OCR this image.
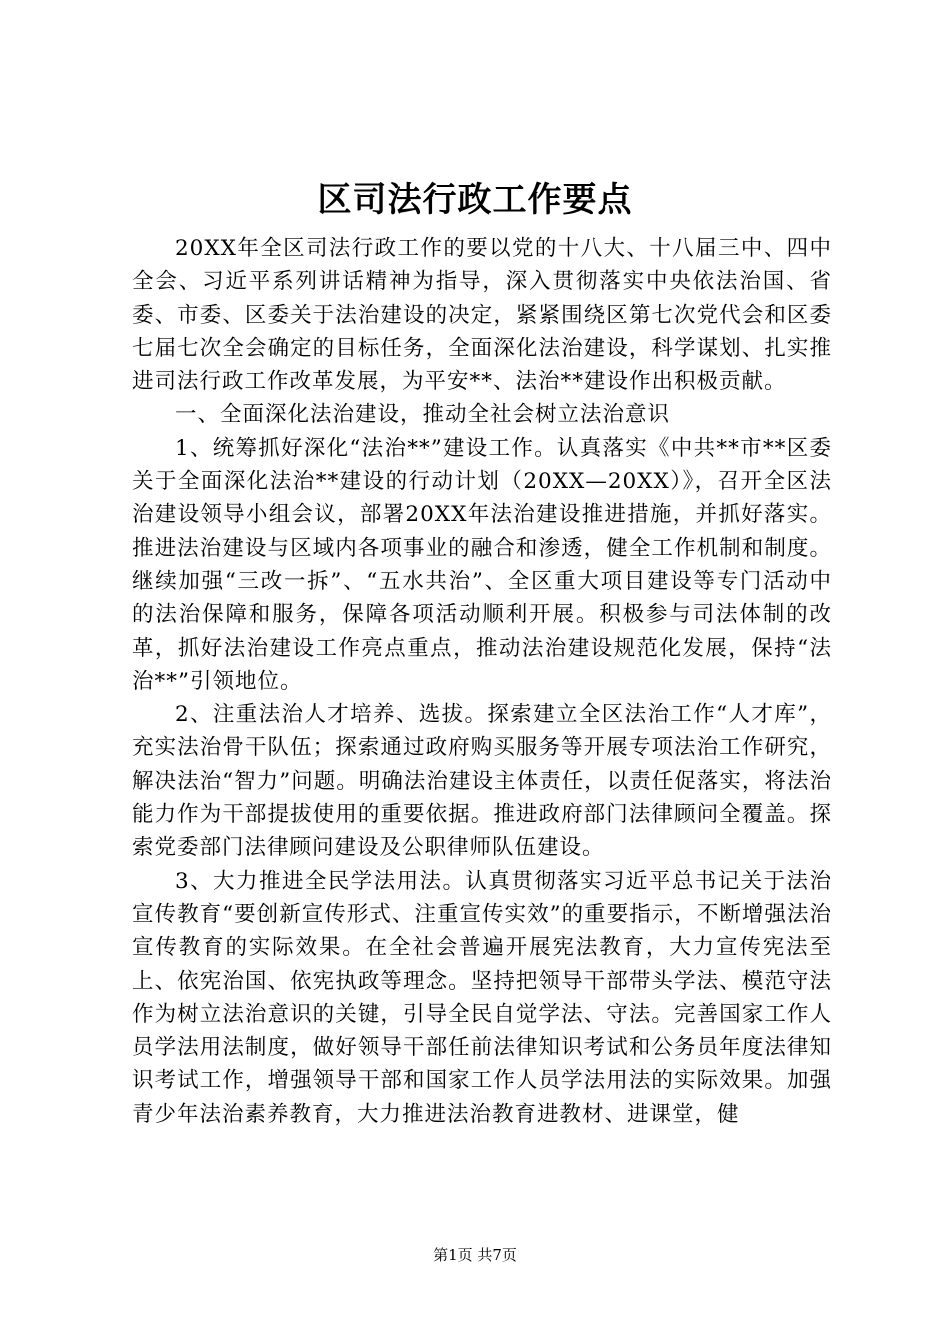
区司法行政工作要点

20XX年全区司法行政工作的要以党的十八大、十八届三中、四中全会、习近平系列讲话精神为指导，深入贯彻落实中央依法治国、省委、市委、区委关于法治建设的决定，紧紧围绕区第七次党代会和区委七届七次全会确定的目标任务，全面深化法治建设，科学谋划、扎实推进司法行政工作改革发展，为平安**、法治**建设作出积极贡献。

一、全面深化法治建设，推动全社会树立法治意识

1、统筹抓好深化“法治**”建设工作。认真落实《中共**市**区委关于全面深化法治**建设的行动计划（20XX—20XX）》，召开全区法治建设领导小组会议，部署20XX年法治建设推进措施，并抓好落实。推进法治建设与区域内各项事业的融合和渗透，健全工作机制和制度。继续加强“三改一拆”、“五水共治”、全区重大项目建设等专门活动中的法治保障和服务，保障各项活动顺利开展。积极参与司法体制的改革，抓好法治建设工作亮点重点，推动法治建设规范化发展，保持“法治**”引领地位。

2、注重法治人才培养、选拔。探索建立全区法治工作“人才库”，充实法治骨干队伍；探索通过政府购买服务等开展专项法治工作研究，解决法治“智力”问题。明确法治建设主体责任，以责任促落实，将法治能力作为干部提拔使用的重要依据。推进政府部门法律顾问全覆盖。探索党委部门法律顾问建设及公职律师队伍建设。

3、大力推进全民学法用法。认真贯彻落实习近平总书记关于法治宣传教育“要创新宣传形式、注重宣传实效”的重要指示，不断增强法治宣传教育的实际效果。在全社会普遍开展宪法教育，大力宣传宪法至上、依宪治国、依宪执政等理念。坚持把领导干部带头学法、模范守法作为树立法治意识的关键，引导全民自觉学法、守法。完善国家工作人员学法用法制度，做好领导干部任前法律知识考试和公务员年度法律知识考试工作，增强领导干部和国家工作人员学法用法的实际效果。加强青少年法治素养教育，大力推进法治教育进教材、进课堂，健

第1页 共7页
